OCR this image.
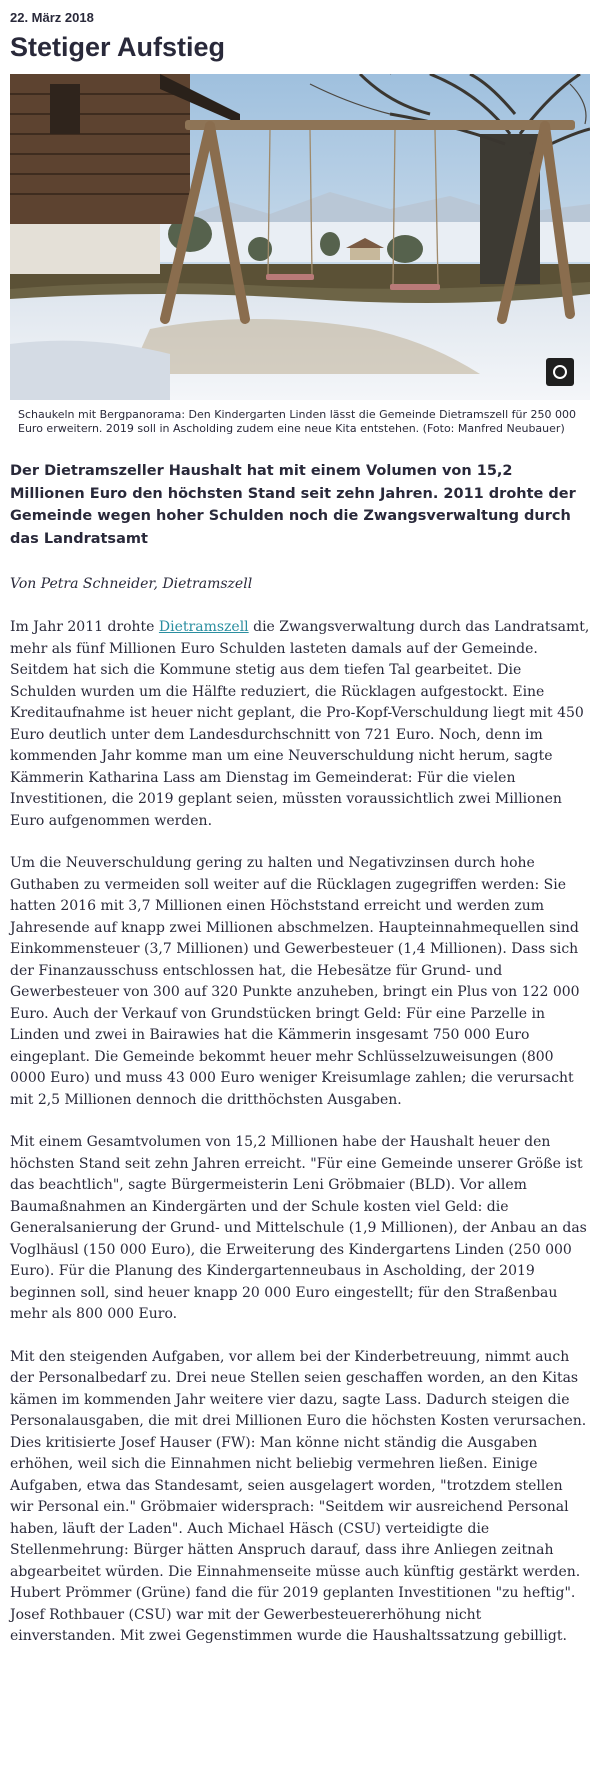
22. März 2018
Stetiger Aufstieg
Schaukeln mit Bergpanorama: Den Kindergarten Linden lässt die Gemeinde Dietramszell für 250 000 Euro erweitern. 2019 soll in Ascholding zudem eine neue Kita entstehen. (Foto: Manfred Neubauer)

Der Dietramszeller Haushalt hat mit einem Volumen von 15,2 Millionen Euro den höchsten Stand seit zehn Jahren. 2011 drohte der Gemeinde wegen hoher Schulden noch die Zwangsverwaltung durch das Landratsamt

Von Petra Schneider, Dietramszell

Im Jahr 2011 drohte Dietramszell die Zwangsverwaltung durch das Landratsamt, mehr als fünf Millionen Euro Schulden lasteten damals auf der Gemeinde. Seitdem hat sich die Kommune stetig aus dem tiefen Tal gearbeitet. Die Schulden wurden um die Hälfte reduziert, die Rücklagen aufgestockt. Eine Kreditaufnahme ist heuer nicht geplant, die Pro-Kopf-Verschuldung liegt mit 450 Euro deutlich unter dem Landesdurchschnitt von 721 Euro. Noch, denn im kommenden Jahr komme man um eine Neuverschuldung nicht herum, sagte Kämmerin Katharina Lass am Dienstag im Gemeinderat: Für die vielen Investitionen, die 2019 geplant seien, müssten voraussichtlich zwei Millionen Euro aufgenommen werden.

Um die Neuverschuldung gering zu halten und Negativzinsen durch hohe Guthaben zu vermeiden soll weiter auf die Rücklagen zugegriffen werden: Sie hatten 2016 mit 3,7 Millionen einen Höchststand erreicht und werden zum Jahresende auf knapp zwei Millionen abschmelzen. Haupteinnahmequellen sind Einkommensteuer (3,7 Millionen) und Gewerbesteuer (1,4 Millionen). Dass sich der Finanzausschuss entschlossen hat, die Hebesätze für Grund- und Gewerbesteuer von 300 auf 320 Punkte anzuheben, bringt ein Plus von 122 000 Euro. Auch der Verkauf von Grundstücken bringt Geld: Für eine Parzelle in Linden und zwei in Bairawies hat die Kämmerin insgesamt 750 000 Euro eingeplant. Die Gemeinde bekommt heuer mehr Schlüsselzuweisungen (800 0000 Euro) und muss 43 000 Euro weniger Kreisumlage zahlen; die verursacht mit 2,5 Millionen dennoch die dritthöchsten Ausgaben.

Mit einem Gesamtvolumen von 15,2 Millionen habe der Haushalt heuer den höchsten Stand seit zehn Jahren erreicht. "Für eine Gemeinde unserer Größe ist das beachtlich", sagte Bürgermeisterin Leni Gröbmaier (BLD). Vor allem Baumaßnahmen an Kindergärten und der Schule kosten viel Geld: die Generalsanierung der Grund- und Mittelschule (1,9 Millionen), der Anbau an das Voglhäusl (150 000 Euro), die Erweiterung des Kindergartens Linden (250 000 Euro). Für die Planung des Kindergartenneubaus in Ascholding, der 2019 beginnen soll, sind heuer knapp 20 000 Euro eingestellt; für den Straßenbau mehr als 800 000 Euro.

Mit den steigenden Aufgaben, vor allem bei der Kinderbetreuung, nimmt auch der Personalbedarf zu. Drei neue Stellen seien geschaffen worden, an den Kitas kämen im kommenden Jahr weitere vier dazu, sagte Lass. Dadurch steigen die Personalausgaben, die mit drei Millionen Euro die höchsten Kosten verursachen. Dies kritisierte Josef Hauser (FW): Man könne nicht ständig die Ausgaben erhöhen, weil sich die Einnahmen nicht beliebig vermehren ließen. Einige Aufgaben, etwa das Standesamt, seien ausgelagert worden, "trotzdem stellen wir Personal ein." Gröbmaier widersprach: "Seitdem wir ausreichend Personal haben, läuft der Laden". Auch Michael Häsch (CSU) verteidigte die Stellenmehrung: Bürger hätten Anspruch darauf, dass ihre Anliegen zeitnah abgearbeitet würden. Die Einnahmenseite müsse auch künftig gestärkt werden. Hubert Prömmer (Grüne) fand die für 2019 geplanten Investitionen "zu heftig". Josef Rothbauer (CSU) war mit der Gewerbesteuererhöhung nicht einverstanden. Mit zwei Gegenstimmen wurde die Haushaltssatzung gebilligt.
